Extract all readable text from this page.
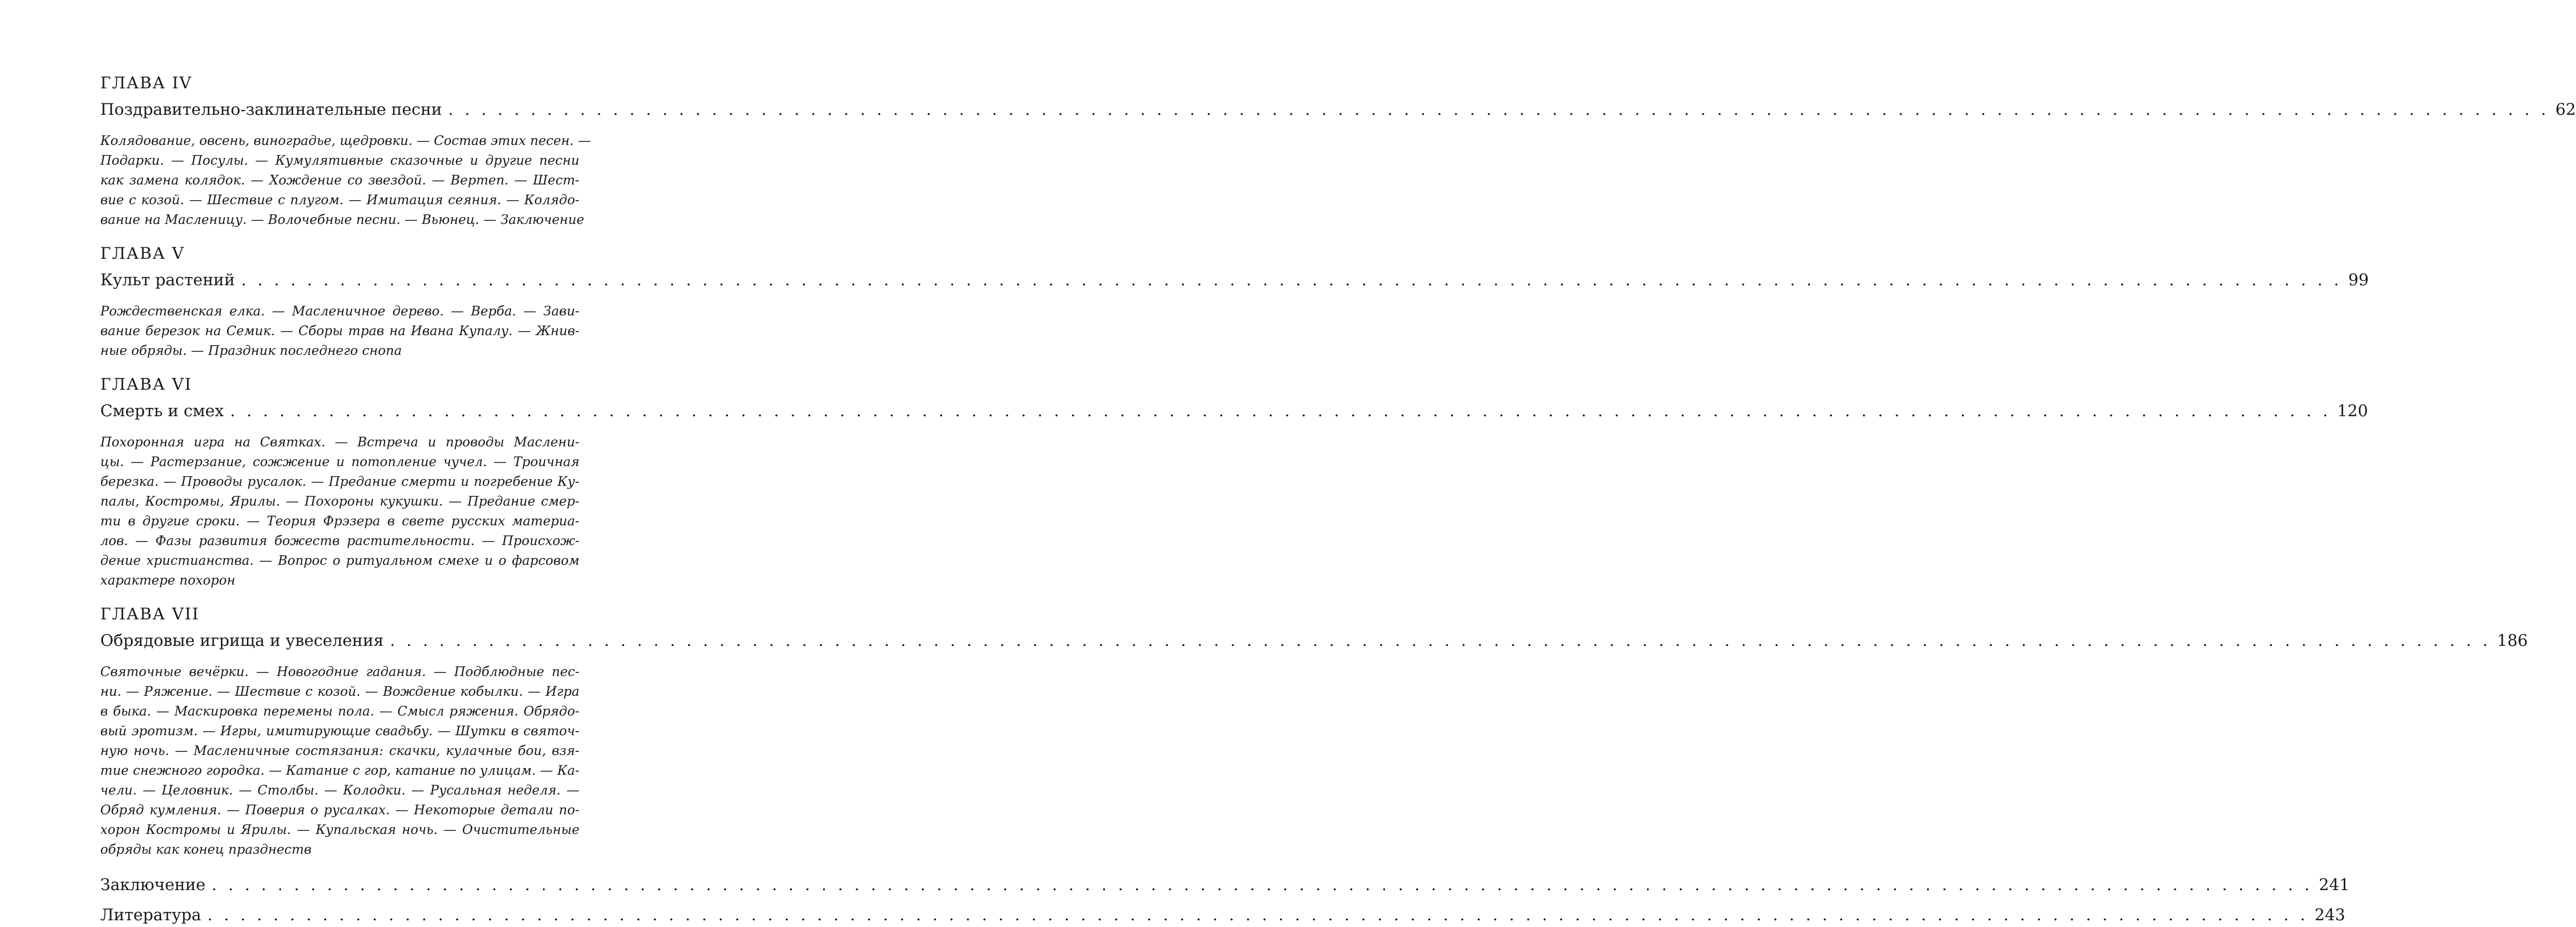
ГЛАВА IV
Поздравительно-заклинательные песни . . . . . . . . . . . . . . . . . . . . . . . . . . . . . . . . . . . . . . . . . . . . . . . . . . . . . . . . . . . . . . . . . . . . . . . . . . . . . . . . . . . . . . . . . . . . . . . . . . . . . . . . . . . . . . . . . . . . . . . . . . . . . . . . 62
Колядование, овсень, виноградье, щедровки. — Состав этих песен. —
Подарки. — Посулы. — Кумулятивные сказочные и другие песни
как замена колядок. — Хождение со звездой. — Вертеп. — Шест-
вие с козой. — Шествие с плугом. — Имитация сеяния. — Колядо-
вание на Масленицу. — Волочебные песни. — Вьюнец. — Заключение
ГЛАВА V
Культ растений . . . . . . . . . . . . . . . . . . . . . . . . . . . . . . . . . . . . . . . . . . . . . . . . . . . . . . . . . . . . . . . . . . . . . . . . . . . . . . . . . . . . . . . . . . . . . . . . . . . . . . . . . . . . . . . . . . . . . . . . . . . . . . . . 99
Рождественская елка. — Масленичное дерево. — Верба. — Зави-
вание березок на Семик. — Сборы трав на Ивана Купалу. — Жнив-
ные обряды. — Праздник последнего снопа
ГЛАВА VI
Смерть и смех . . . . . . . . . . . . . . . . . . . . . . . . . . . . . . . . . . . . . . . . . . . . . . . . . . . . . . . . . . . . . . . . . . . . . . . . . . . . . . . . . . . . . . . . . . . . . . . . . . . . . . . . . . . . . . . . . . . . . . . . . . . . . . . . 120
Похоронная игра на Святках. — Встреча и проводы Маслени-
цы. — Растерзание, сожжение и потопление чучел. — Троичная
березка. — Проводы русалок. — Предание смерти и погребение Ку-
палы, Костромы, Ярилы. — Похороны кукушки. — Предание смер-
ти в другие сроки. — Теория Фрэзера в свете русских материа-
лов. — Фазы развития божеств растительности. — Происхож-
дение христианства. — Вопрос о ритуальном смехе и о фарсовом
характере похорон
ГЛАВА VII
Обрядовые игрища и увеселения . . . . . . . . . . . . . . . . . . . . . . . . . . . . . . . . . . . . . . . . . . . . . . . . . . . . . . . . . . . . . . . . . . . . . . . . . . . . . . . . . . . . . . . . . . . . . . . . . . . . . . . . . . . . . . . . . . . . . . . . . . . . . . . . 186
Святочные вечёрки. — Новогодние гадания. — Подблюдные пес-
ни. — Ряжение. — Шествие с козой. — Вождение кобылки. — Игра
в быка. — Маскировка перемены пола. — Смысл ряжения. Обрядо-
вый эротизм. — Игры, имитирующие свадьбу. — Шутки в святоч-
ную ночь. — Масленичные состязания: скачки, кулачные бои, взя-
тие снежного городка. — Катание с гор, катание по улицам. — Ка-
чели. — Целовник. — Столбы. — Колодки. — Русальная неделя. —
Обряд кумления. — Поверия о русалках. — Некоторые детали по-
хорон Костромы и Ярилы. — Купальская ночь. — Очистительные
обряды как конец празднеств
Заключение . . . . . . . . . . . . . . . . . . . . . . . . . . . . . . . . . . . . . . . . . . . . . . . . . . . . . . . . . . . . . . . . . . . . . . . . . . . . . . . . . . . . . . . . . . . . . . . . . . . . . . . . . . . . . . . . . . . . . . . . . . . . . . . . 241
Литература . . . . . . . . . . . . . . . . . . . . . . . . . . . . . . . . . . . . . . . . . . . . . . . . . . . . . . . . . . . . . . . . . . . . . . . . . . . . . . . . . . . . . . . . . . . . . . . . . . . . . . . . . . . . . . . . . . . . . . . . . . . . . . . . 243
